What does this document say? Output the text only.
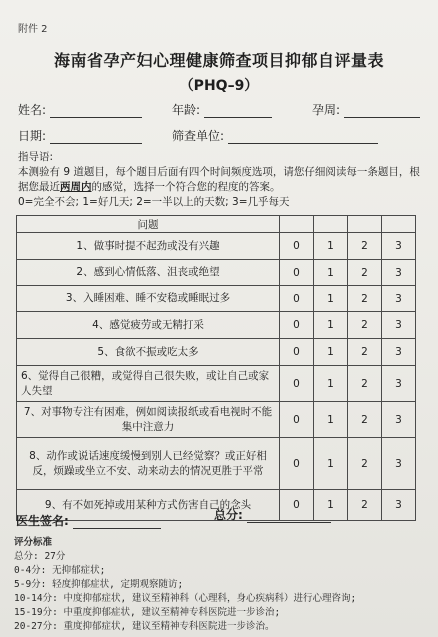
附件 2
海南省孕产妇心理健康筛查项目抑郁自评量表
（PHQ–9）
姓名:	年龄:	孕周:
日期:	筛查单位:

指导语:

本测验有 9 道题目，每个题目后面有四个时间频度选项，请您仔细阅读每一条题目，根据您最近两周内的感觉，选择一个符合您的程度的答案。

0=完全不会; 1=好几天; 2=一半以上的天数; 3=几乎每天

问题				
1、做事时提不起劲或没有兴趣	0	1	2	3
2、感到心情低落、沮丧或绝望	0	1	2	3
3、入睡困难、睡不安稳或睡眠过多	0	1	2	3
4、感觉疲劳或无精打采	0	1	2	3
5、食欲不振或吃太多	0	1	2	3
6、觉得自己很糟，或觉得自己很失败，或让自己或家人失望	0	1	2	3
7、对事物专注有困难，例如阅读报纸或看电视时不能集中注意力	0	1	2	3
8、动作或说话速度缓慢到别人已经觉察？或正好相反，烦躁或坐立不安、动来动去的情况更胜于平常	0	1	2	3
9、有不如死掉或用某种方式伤害自己的念头	0	1	2	3
医生签名:	总分:
评分标准
总分: 27分
0-4分: 无抑郁症状;
5-9分: 轻度抑郁症状, 定期观察随访;
10-14分: 中度抑郁症状, 建议至精神科（心理科，身心疾病科）进行心理咨询;
15-19分: 中重度抑郁症状, 建议至精神专科医院进一步诊治;
20-27分: 重度抑郁症状, 建议至精神专科医院进一步诊治。
